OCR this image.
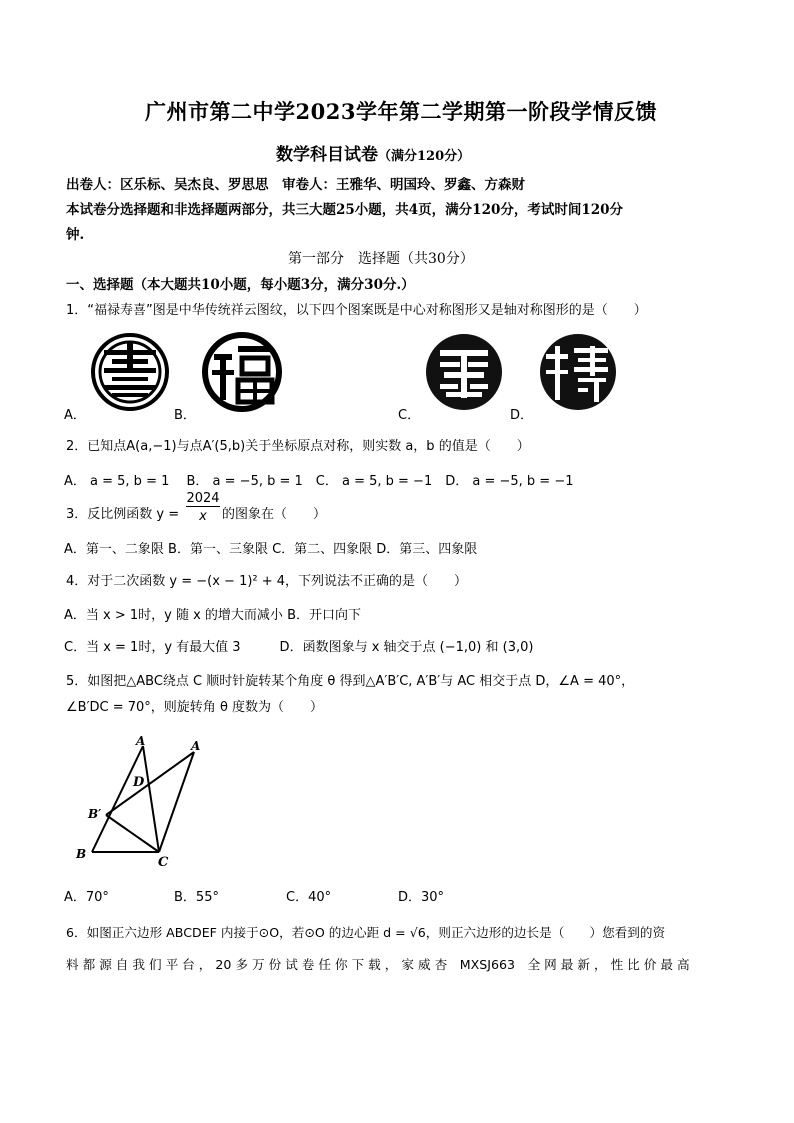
广州市第二中学2023学年第二学期第一阶段学情反馈
数学科目试卷（满分120分）
出卷人：区乐标、吴杰良、罗思思　审卷人：王雅华、明国玲、罗鑫、方森财
本试卷分选择题和非选择题两部分，共三大题25小题，共4页，满分120分，考试时间120分
钟.
第一部分　选择题（共30分）
一、选择题（本大题共10小题，每小题3分，满分30分.）
1．“福禄寿喜”图是中华传统祥云图纹，以下四个图案既是中心对称图形又是轴对称图形的是（　　）
A．	B．	C．	D．
2．已知点A(a,−1)与点A′(5,b)关于坐标原点对称，则实数 a，b 的值是（　　）
A． a = 5, b = 1　 B． a = −5, b = 1　C． a = 5, b = −1　D． a = −5, b = −1
3．反比例函数 y =
2024
x	的图象在（　　）
A．第一、二象限 B．第一、三象限 C．第二、四象限 D．第三、四象限
4．对于二次函数 y = −(x − 1)² + 4，下列说法不正确的是（　　）
A．当 x > 1时，y 随 x 的增大而减小 B．开口向下
C．当 x = 1时，y 有最大值 3　　　D．函数图象与 x 轴交于点 (−1,0) 和 (3,0)
5．如图把△ABC绕点 C 顺时针旋转某个角度 θ 得到△A′B′C, A′B′与 AC 相交于点 D，∠A = 40°，
∠B′DC = 70°，则旋转角 θ 度数为（　　）
A	A
D
B′
B
C
A．70°	B．55°	C．40°	D．30°
6．如图正六边形 ABCDEF 内接于⊙O，若⊙O 的边心距 d = √6，则正六边形的边长是（　　）您看到的资
料 都 源 自 我 们 平 台 ， 20 多 万 份 试 卷 任 你 下 载 ， 家 威 杏　MXSJ663　全 网 最 新 ， 性 比 价 最 高
